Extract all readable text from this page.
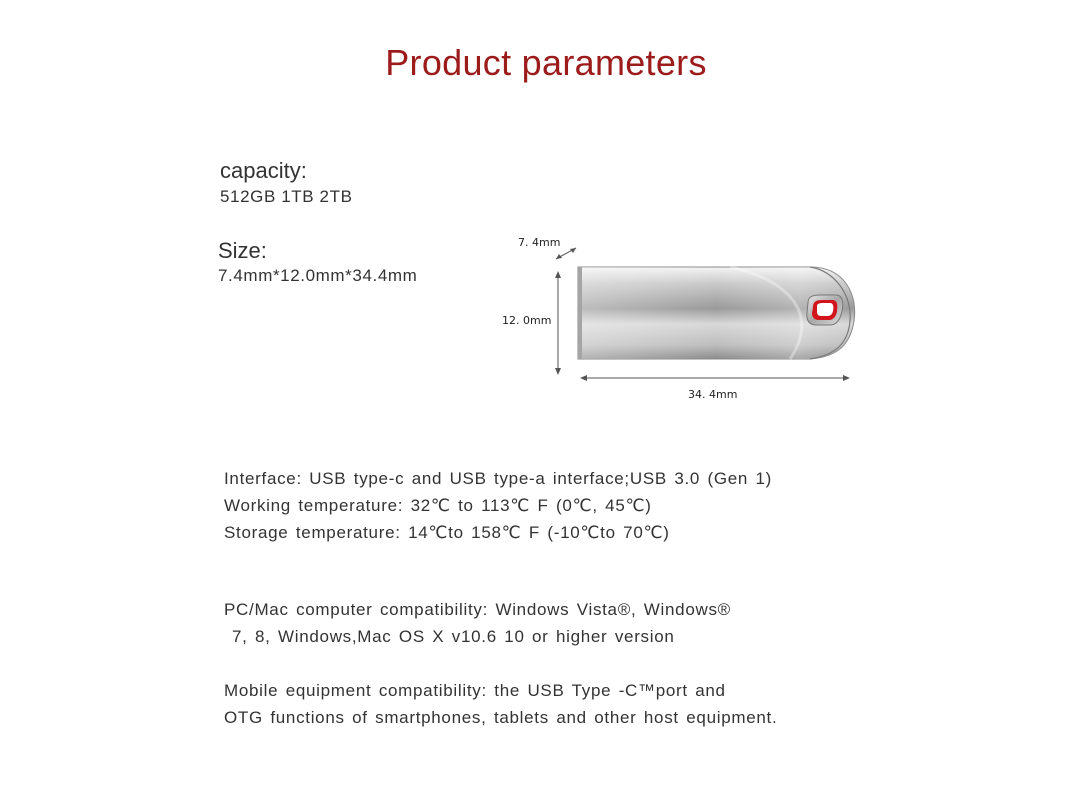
Product parameters

capacity:

512GB 1TB 2TB

Size:

7.4mm*12.0mm*34.4mm

7. 4mm
12. 0mm
34. 4mm

Interface: USB type-c and USB type-a interface;USB 3.0 (Gen 1)

Working temperature: 32℃ to 113℃ F (0℃, 45℃)

Storage temperature: 14℃to 158℃ F (-10℃to 70℃)

PC/Mac computer compatibility: Windows Vista®, Windows®

7, 8, Windows,Mac OS X v10.6 10 or higher version

Mobile equipment compatibility: the USB Type -C™port and

OTG functions of smartphones, tablets and other host equipment.
